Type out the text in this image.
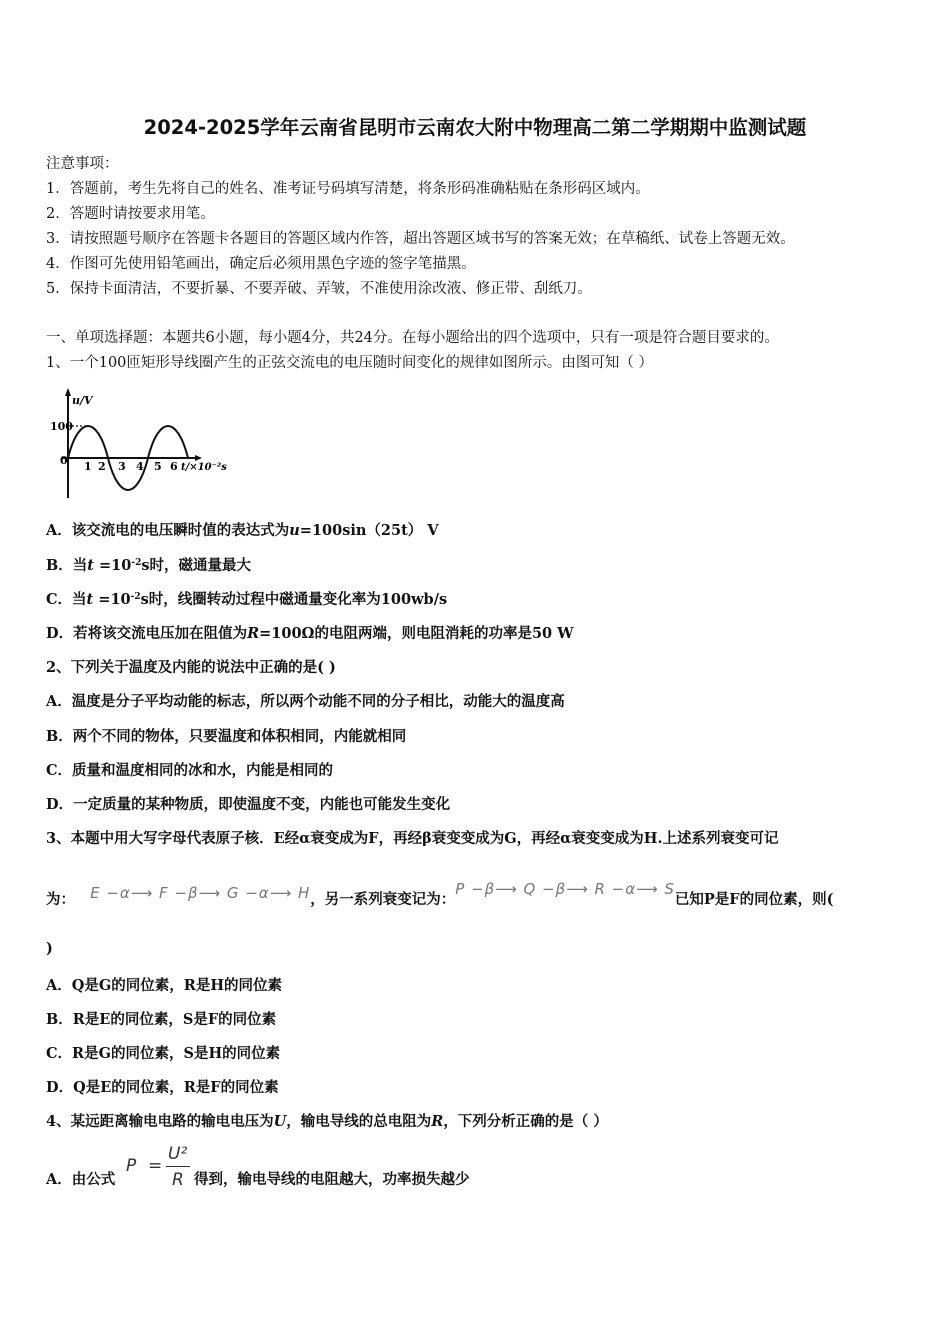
2024-2025学年云南省昆明市云南农大附中物理高二第二学期期中监测试题
注意事项：
1．答题前，考生先将自己的姓名、准考证号码填写清楚，将条形码准确粘贴在条形码区域内。
2．答题时请按要求用笔。
3．请按照题号顺序在答题卡各题目的答题区域内作答，超出答题区域书写的答案无效；在草稿纸、试卷上答题无效。
4．作图可先使用铅笔画出，确定后必须用黑色字迹的签字笔描黑。
5．保持卡面清洁，不要折暴、不要弄破、弄皱，不准使用涂改液、修正带、刮纸刀。
一、单项选择题：本题共6小题，每小题4分，共24分。在每小题给出的四个选项中，只有一项是符合题目要求的。
1、一个100匝矩形导线圈产生的正弦交流电的电压随时间变化的规律如图所示。由图可知（ ）
u/V
100
0 1 2 3 4 5 6 t/×10⁻²s
A．该交流电的电压瞬时值的表达式为u=100sin（25t） V
B．当$t =10^{-2}s$时，磁通量最大
C．当$t =10^{-2}s$时，线圈转动过程中磁通量变化率为100wb/s
D．若将该交流电压加在阻值为R=100Ω的电阻两端，则电阻消耗的功率是50 W
2、下列关于温度及内能的说法中正确的是( )
A．温度是分子平均动能的标志，所以两个动能不同的分子相比，动能大的温度高
B．两个不同的物体，只要温度和体积相同，内能就相同
C．质量和温度相同的冰和水，内能是相同的
D．一定质量的某种物质，即使温度不变，内能也可能发生变化
3、本题中用大写字母代表原子核．E经α衰变成为F，再经β衰变变成为G，再经α衰变变成为H.上述系列衰变可记
为： E −α⟶ F −β⟶ G −α⟶ H，另一系列衰变记为：P −β⟶ Q −β⟶ R −α⟶ S已知P是F的同位素，则(
)
A．Q是G的同位素，R是H的同位素
B．R是E的同位素，S是F的同位素
C．R是G的同位素，S是H的同位素
D．Q是E的同位素，R是F的同位素
4、某远距离输电电路的输电电压为U，输电导线的总电阻为R，下列分析正确的是（ ）
A．由公式
P =
U²
R 得到，输电导线的电阻越大，功率损失越少
